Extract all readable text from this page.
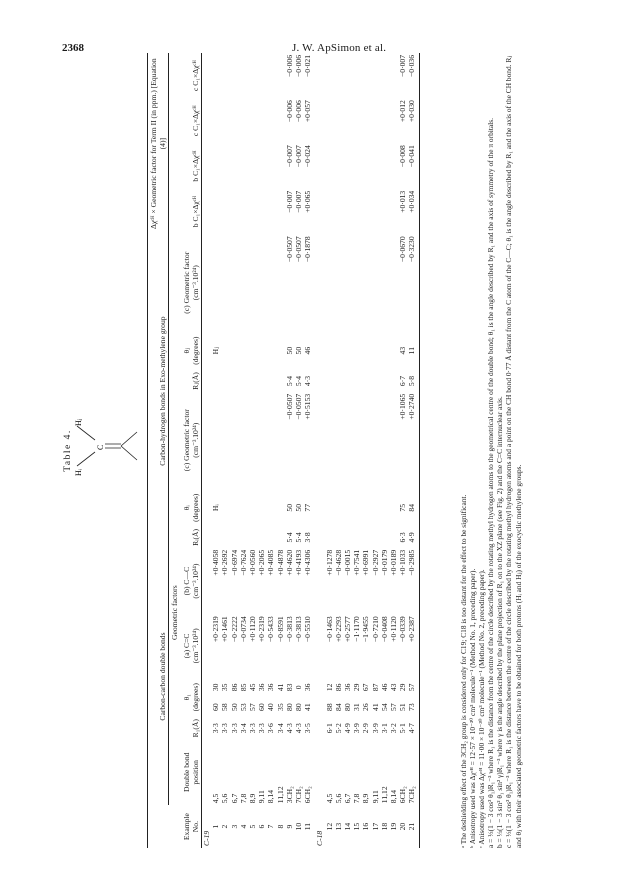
2368	J. W. ApSimon et al.
Table 4.	C
Hᵢ
Hⱼ
Example No.	Carbon-carbon double bonds						Carbon-hydrogen bonds in Exo-methylene group						Δχᶜᴴ × Geometric factor for Term II (in ppm.) [Equation (4)]			
	Double bond position	R₁(Å)	θ₁ (degrees)		Geometric factors		Rᵢ(Å)	θᵢ (degrees)	(c) Geometric factor (cm⁻³.10²⁴)	Rⱼ(Å)	θⱼ (degrees)	(c) Geometric factor (cm⁻³.10²⁴)	b C₁×Δχᶜᴴ	b C₁×Δχᶜᴴ	c C₁×Δχᶜᴴ	c C₁×Δχᶜᴴ
					(a) C=C (cm⁻³.10²⁴)	(b) C—C (cm⁻³.10²⁴)										
C-19																
1	4,5	3·3	60	30	+0·2319	+0·4058		Hᵢ			Hⱼ					
2	5,6	3·3	58	35	+0·1461	+0·2692										
3	6,7	3·3	50	86	−0·2222	−0·6974										
4	7,8	3·4	53	85	−0·0734	−0·7624										
5	8,9	3·3	57	45	+0·1120	+0·0560										
6	9,11	3·3	60	36	+0·2319	+0·2065										
7	8,14	3·6	40	36	−0·5433	+0·4085										
8	11,12	3·4	35	41	−0·8591	+0·4878										
9	3CH₂	4·3	80	83	−0·3813	+0·4620	5·4	50	−0·0507	5·4	50	−0·0507	−0·007	−0·007	−0·006	−0·006
10	7CH₂	4·3	80	0	−0·3813	+0·4193	5·4	50	−0·0507	5·4	50	−0·0507	−0·007	−0·007	−0·006	−0·006
11	6CH₂	3·5	41	36	−0·5510	+0·4306	3·8	77	+0·5153	4·3	46	−0·1878	+0·065	−0·024	+0·057	−0·021
C-18																
12	4,5	6·1	88	12	−0·1463	+0·1278										
13	5,6	5·2	84	86	+0·2293	−0·4628										
14	6,7	4·9	80	36	+0·2577	−0·0015										
15	7,8	3·9	31	29	−1·1170	+0·7541										
16	8,9	2·9	26	67	−1·9455	+0·6991										
17	9,11	3·9	41	87	−0·7210	−0·2927										
18	11,12	3·1	54	46	−0·0408	−0·0179										
19	8,14	3·2	57	43	+0·1120	+0·0189										
20	6CH₂	5·1	51	29	−0·0339	+0·1033	6·3	75	+0·1065	6·7	43	−0·0670	+0·013	−0·008	+0·012	−0·007
21	7CH₂	4·7	73	57	+0·2387	−0·2985	4·9	84	+0·2740	5·8	11	−0·3230	+0·034	−0·041	+0·030	−0·036

ᵃ The deshielding effect of the 3CH₂ group is considered only for C19; C18 is too distant for the effect to be significant. ᵇ Anisotropy used was Δχᶜᴴ = 12·57 × 10⁻³⁰ cm³ molecule⁻¹ (Method No. 1, preceding paper). ᶜ Anisotropy used was Δχᶜᴴ = 11·00 × 10⁻³⁰ cm³ molecule⁻¹ (Method No. 2, preceding paper). a = ⅓(1 − 3 cos² θ₁)R₁⁻³ where R₁ is the distance from the centre of the circle described by the rotating methyl hydrogen atoms to the geometrical centre of the double bond; θ₁ is the angle described by R₁ and the axis of symmetry of the π orbitals. b = ⅓(1 − 3 sin² θ₁ sin² γ)R₁⁻³ where γ is the angle described by the plane projection of R₁ on to the XZ plane (see Fig. 2) and the C=C internuclear axis. c = ⅓(1 − 3 cos² θ₁)R₁⁻³ where R₁ is the distance between the centre of the circle described by the rotating methyl hydrogen atoms and a point on the CH bond 0·77 Å distant from the C atom of the C—C; θ₁ is the angle described by R₁ and the axis of the CH bond. Rⱼ and θⱼ with their associated geometric factors have to be obtained for both protons (Hᵢ and Hⱼ) of the exocyclic methylene groups.
